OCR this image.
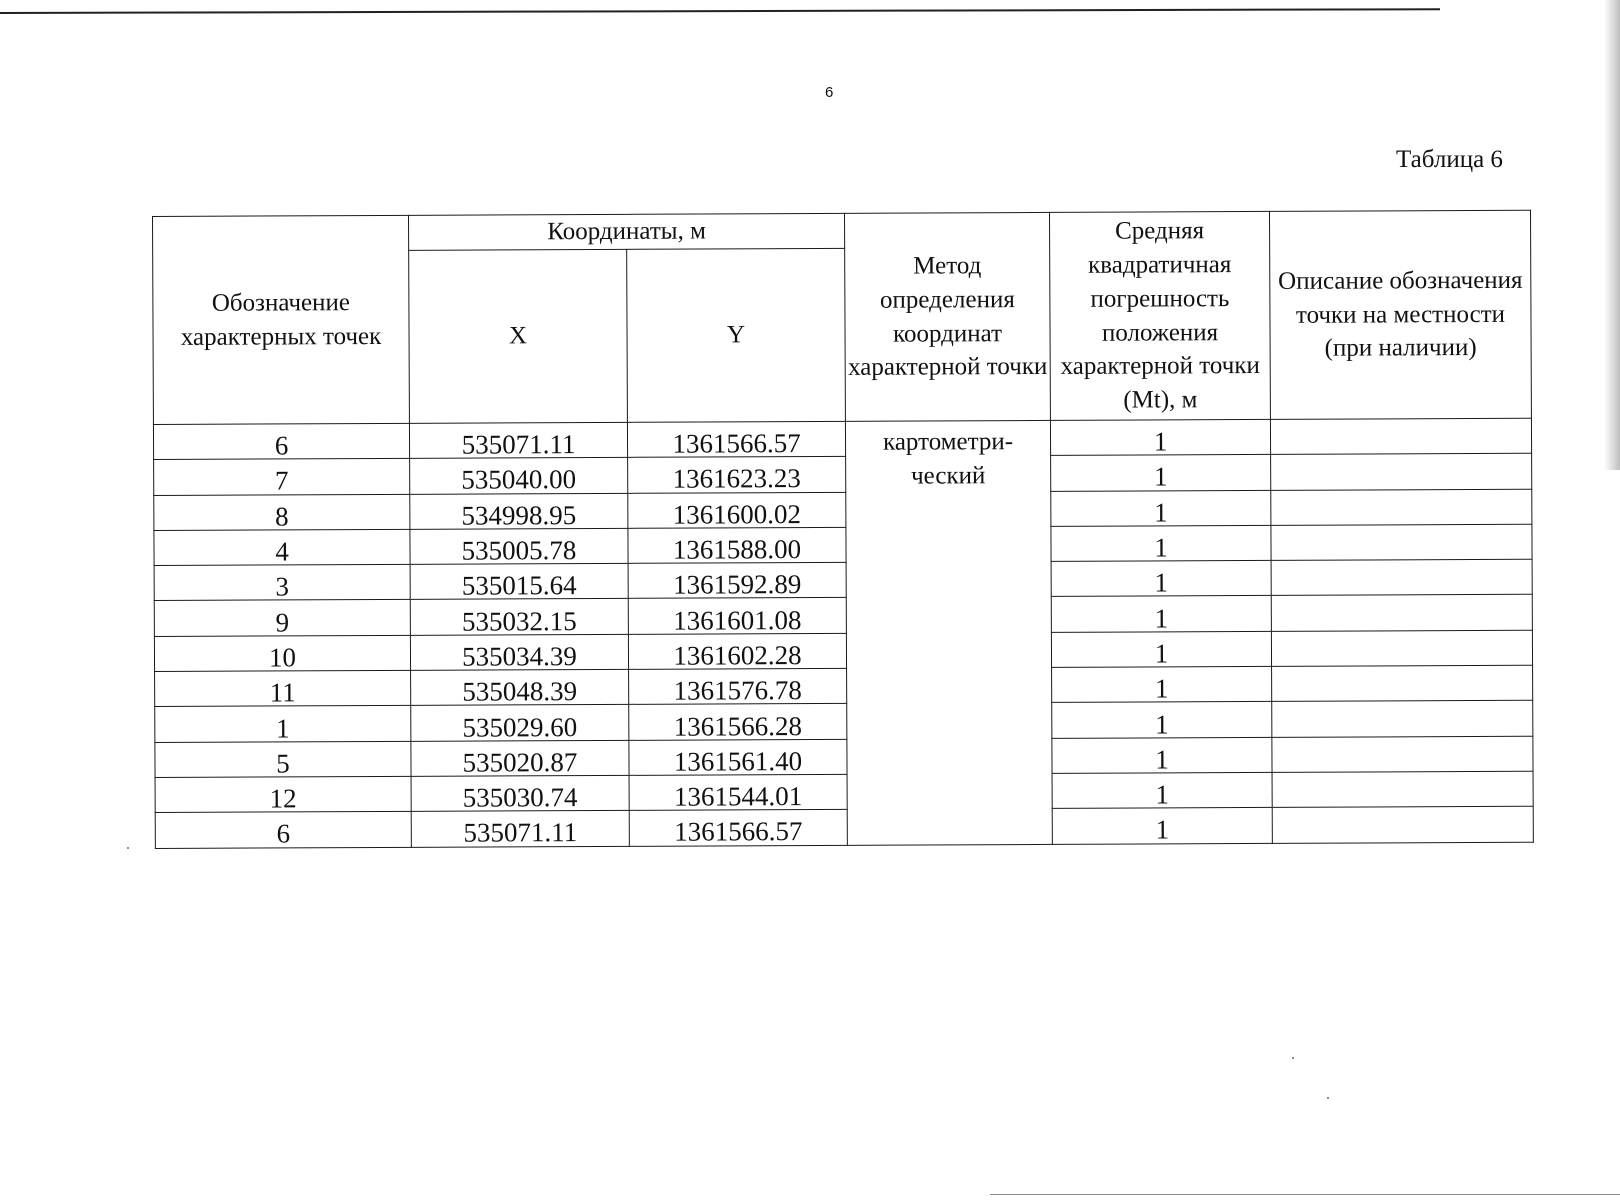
6
Таблица 6
Обозначение характерных точек	Координаты, м		Метод определения координат характерной точки	Средняя квадратичная погрешность положения характерной точки (Mt), м	Описание обозначения точки на местности (при наличии)

	X	Y			

6	535071.11	1361566.57	картометри-ческий	1	
7	535040.00	1361623.23		1	
8	534998.95	1361600.02		1	
4	535005.78	1361588.00		1	
3	535015.64	1361592.89		1	
9	535032.15	1361601.08		1	
10	535034.39	1361602.28		1	
11	535048.39	1361576.78		1	
1	535029.60	1361566.28		1	
5	535020.87	1361561.40		1	
12	535030.74	1361544.01		1	
6	535071.11	1361566.57		1	
